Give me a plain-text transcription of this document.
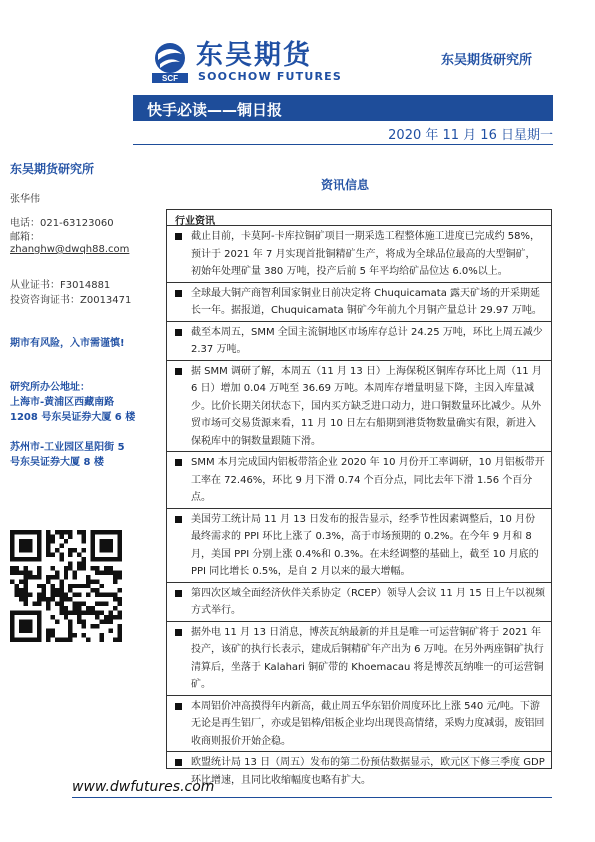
SCF
东吴期货
SOOCHOW FUTURES
东吴期货研究所
快手必读——铜日报
2020 年 11 月 16 日星期一
东吴期货研究所
张华伟
电话：021-63123060
邮箱：
zhanghw@dwqh88.com
从业证书：F3014881
投资咨询证书：Z0013471
期市有风险，入市需谨慎!
研究所办公地址：
上海市-黄浦区西藏南路
1208 号东吴证券大厦 6 楼
苏州市-工业园区星阳街 5
号东吴证券大厦 8 楼
资讯信息
行业资讯

截止目前，卡莫阿-卡库拉铜矿项目一期采选工程整体施工进度已完成约 58%，预计于 2021 年 7 月实现首批铜精矿生产，将成为全球品位最高的大型铜矿，初始年处理矿量 380 万吨，投产后前 5 年平均给矿品位达 6.0%以上。

全球最大铜产商智利国家铜业日前决定将 Chuquicamata 露天矿场的开采期延长一年。据报道，Chuquicamata 铜矿今年前九个月铜产量总计 29.97 万吨。

截至本周五，SMM 全国主流铜地区市场库存总计 24.25 万吨，环比上周五减少 2.37 万吨。

据 SMM 调研了解，本周五（11 月 13 日）上海保税区铜库存环比上周（11 月 6 日）增加 0.04 万吨至 36.69 万吨。本周库存增量明显下降，主因入库量减少。比价长期关闭状态下，国内买方缺乏进口动力，进口铜数量环比减少。从外贸市场可交易货源来看，11 月 10 日左右船期到港货物数量确实有限，新进入保税库中的铜数量跟随下滑。

SMM 本月完成国内铝板带箔企业 2020 年 10 月份开工率调研，10 月铝板带开工率在 72.46%，环比 9 月下滑 0.74 个百分点，同比去年下滑 1.56 个百分点。

美国劳工统计局 11 月 13 日发布的报告显示，经季节性因素调整后，10 月份最终需求的 PPI 环比上涨了 0.3%，高于市场预期的 0.2%。在今年 9 月和 8 月，美国 PPI 分别上涨 0.4%和 0.3%。在未经调整的基础上，截至 10 月底的 PPI 同比增长 0.5%，是自 2 月以来的最大增幅。

第四次区域全面经济伙伴关系协定（RCEP）领导人会议 11 月 15 日上午以视频方式举行。

据外电 11 月 13 日消息，博茨瓦纳最新的并且是唯一可运营铜矿将于 2021 年投产，该矿的执行长表示，建成后铜精矿年产出为 6 万吨。在另外两座铜矿执行清算后，坐落于 Kalahari 铜矿带的 Khoemacau 将是博茨瓦纳唯一的可运营铜矿。

本周铝价冲高摸得年内新高，截止周五华东铝价周度环比上涨 540 元/吨。下游无论是再生铝厂，亦或是铝棒/铝板企业均出现畏高情绪，采购力度减弱，废铝回收商则报价开始企稳。

欧盟统计局 13 日（周五）发布的第二份预估数据显示，欧元区下修三季度 GDP 环比增速，且同比收缩幅度也略有扩大。

www.dwfutures.com
